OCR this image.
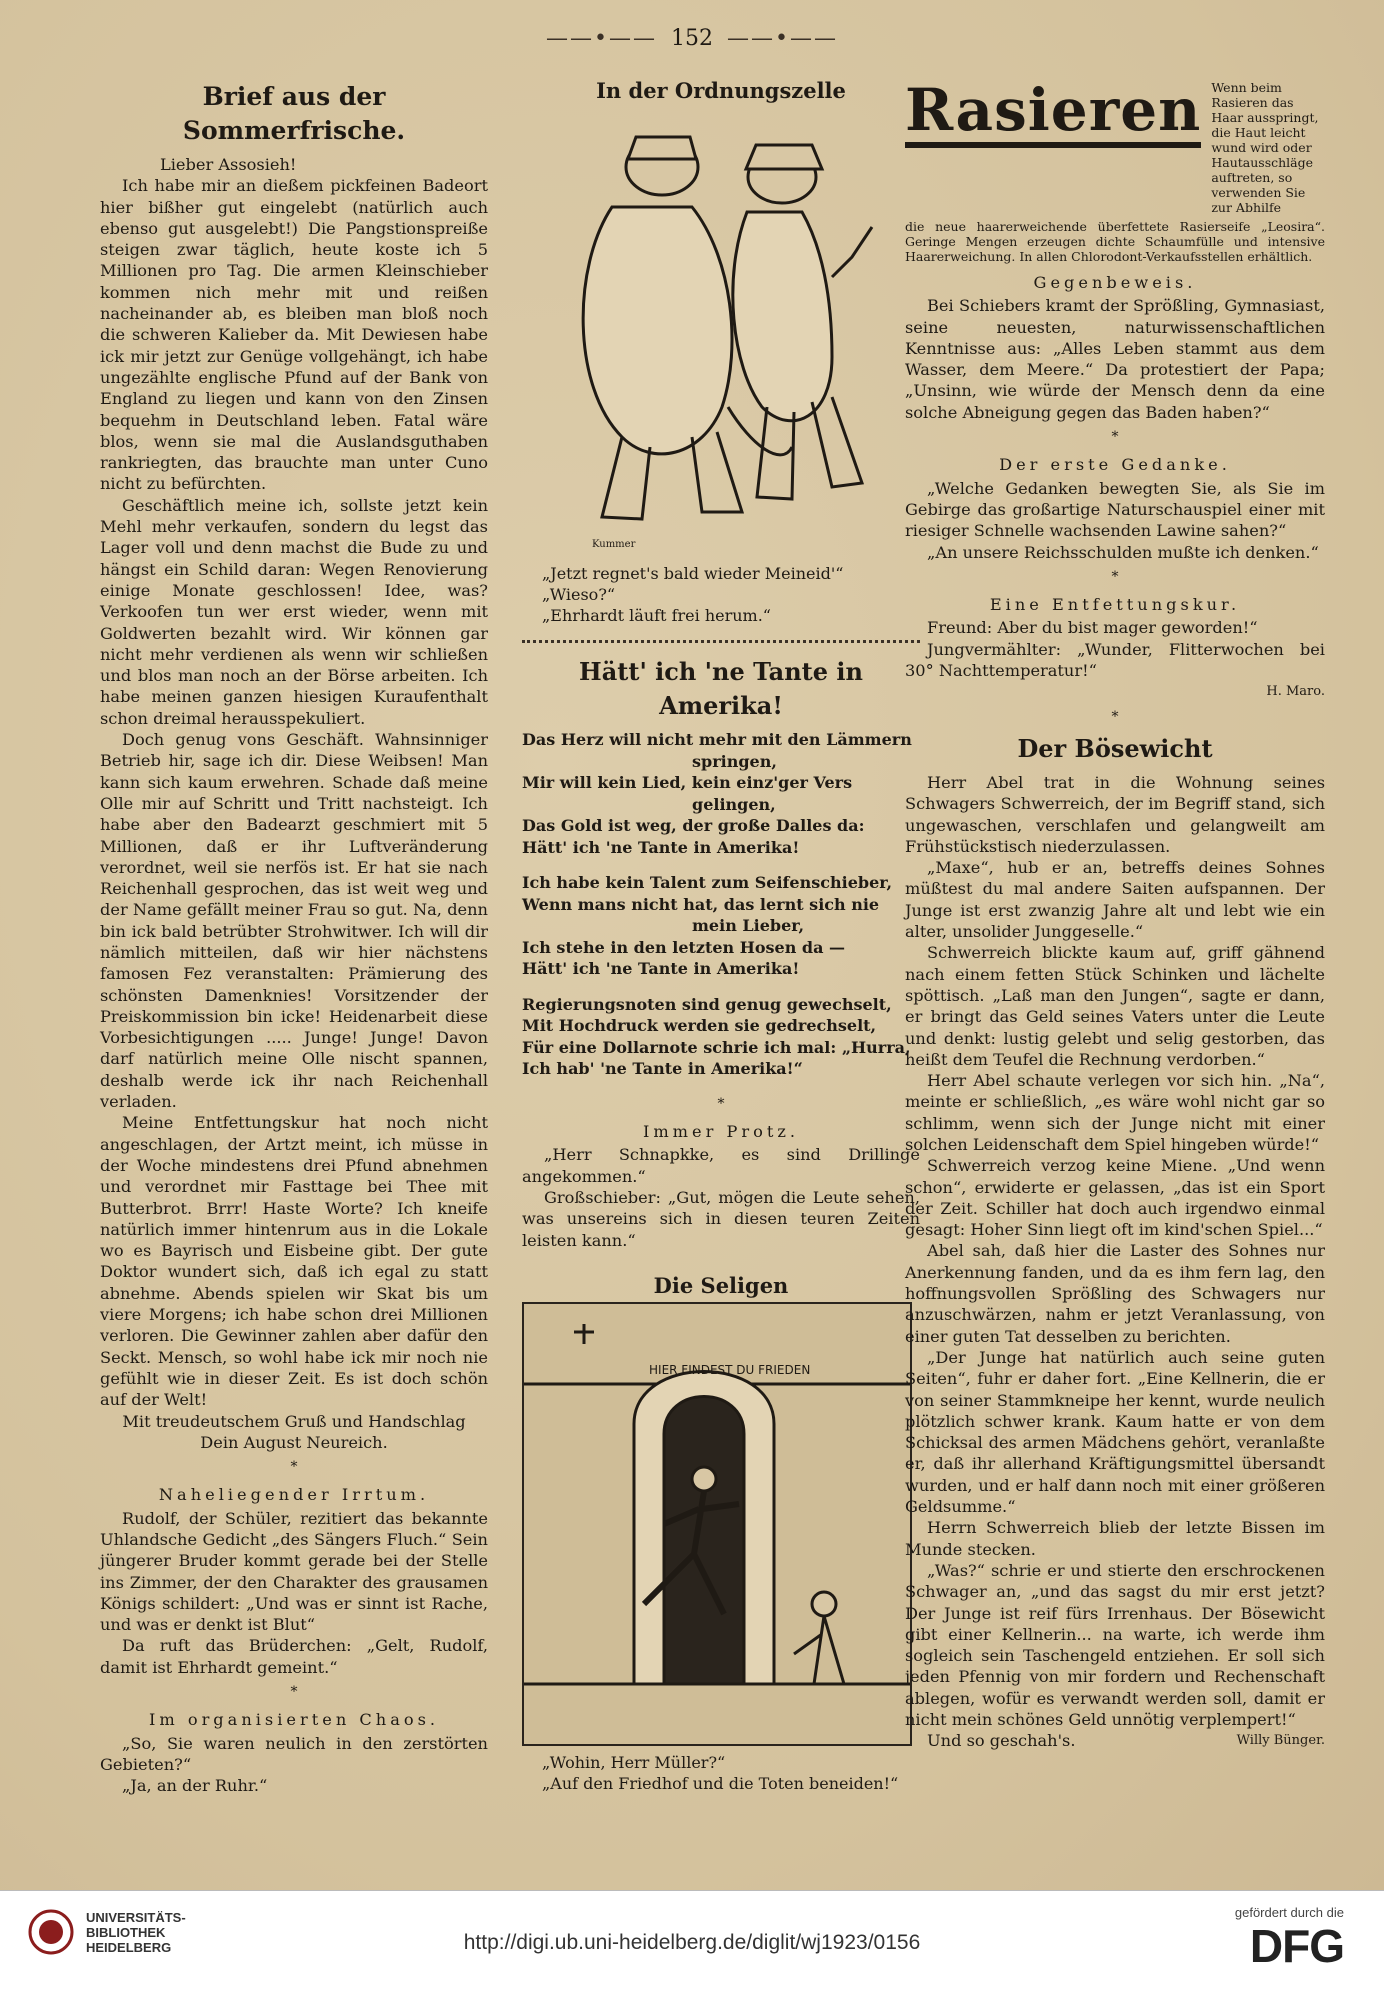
——•—— 152 ——•——
Brief aus der Sommerfrische.

Lieber Assosieh!

Ich habe mir an dießem pickfeinen Badeort hier bißher gut eingelebt (natürlich auch ebenso gut ausgelebt!) Die Pangstionspreiße steigen zwar täglich, heute koste ich 5 Millionen pro Tag. Die armen Kleinschieber kommen nich mehr mit und reißen nacheinander ab, es bleiben man bloß noch die schweren Kalieber da. Mit Dewiesen habe ick mir jetzt zur Genüge vollgehängt, ich habe ungezählte englische Pfund auf der Bank von England zu liegen und kann von den Zinsen bequehm in Deutschland leben. Fatal wäre blos, wenn sie mal die Auslandsguthaben rankriegten, das brauchte man unter Cuno nicht zu befürchten.

Geschäftlich meine ich, sollste jetzt kein Mehl mehr verkaufen, sondern du legst das Lager voll und denn machst die Bude zu und hängst ein Schild daran: Wegen Renovierung einige Monate geschlossen! Idee, was? Verkoofen tun wer erst wieder, wenn mit Goldwerten bezahlt wird. Wir können gar nicht mehr verdienen als wenn wir schließen und blos man noch an der Börse arbeiten. Ich habe meinen ganzen hiesigen Kuraufenthalt schon dreimal herausspekuliert.

Doch genug vons Geschäft. Wahnsinniger Betrieb hir, sage ich dir. Diese Weibsen! Man kann sich kaum erwehren. Schade daß meine Olle mir auf Schritt und Tritt nachsteigt. Ich habe aber den Badearzt geschmiert mit 5 Millionen, daß er ihr Luftveränderung verordnet, weil sie nerfös ist. Er hat sie nach Reichenhall gesprochen, das ist weit weg und der Name gefällt meiner Frau so gut. Na, denn bin ick bald betrübter Strohwitwer. Ich will dir nämlich mitteilen, daß wir hier nächstens famosen Fez veranstalten: Prämierung des schönsten Damenknies! Vorsitzender der Preiskommission bin icke! Heidenarbeit diese Vorbesichtigungen ..... Junge! Junge! Davon darf natürlich meine Olle nischt spannen, deshalb werde ick ihr nach Reichenhall verladen.

Meine Entfettungskur hat noch nicht angeschlagen, der Artzt meint, ich müsse in der Woche mindestens drei Pfund abnehmen und verordnet mir Fasttage bei Thee mit Butterbrot. Brrr! Haste Worte? Ich kneife natürlich immer hintenrum aus in die Lokale wo es Bayrisch und Eisbeine gibt. Der gute Doktor wundert sich, daß ich egal zu statt abnehme. Abends spielen wir Skat bis um viere Morgens; ich habe schon drei Millionen verloren. Die Gewinner zahlen aber dafür den Seckt. Mensch, so wohl habe ick mir noch nie gefühlt wie in dieser Zeit. Es ist doch schön auf der Welt!

Mit treudeutschem Gruß und Handschlag

Dein August Neureich.

*
Naheliegender Irrtum.

Rudolf, der Schüler, rezitiert das bekannte Uhlandsche Gedicht „des Sängers Fluch.“ Sein jüngerer Bruder kommt gerade bei der Stelle ins Zimmer, der den Charakter des grausamen Königs schildert: „Und was er sinnt ist Rache, und was er denkt ist Blut“

Da ruft das Brüderchen: „Gelt, Rudolf, damit ist Ehrhardt gemeint.“

*
Im organisierten Chaos.

„So, Sie waren neulich in den zerstörten Gebieten?“

„Ja, an der Ruhr.“

In der Ordnungszelle
Kummer
„Jetzt regnet's bald wieder Meineid'“
„Wieso?“
„Ehrhardt läuft frei herum.“
Hätt' ich 'ne Tante in Amerika!

Das Herz will nicht mehr mit den Lämmern

springen,

Mir will kein Lied, kein einz'ger Vers

gelingen,

Das Gold ist weg, der große Dalles da:

Hätt' ich 'ne Tante in Amerika!

Ich habe kein Talent zum Seifenschieber,

Wenn mans nicht hat, das lernt sich nie

mein Lieber,

Ich stehe in den letzten Hosen da —

Hätt' ich 'ne Tante in Amerika!

Regierungsnoten sind genug gewechselt,

Mit Hochdruck werden sie gedrechselt,

Für eine Dollarnote schrie ich mal: „Hurra,

Ich hab' 'ne Tante in Amerika!“

*
Immer Protz.

„Herr Schnapkke, es sind Drillinge angekommen.“

Großschieber: „Gut, mögen die Leute sehen, was unsereins sich in diesen teuren Zeiten leisten kann.“

Die Seligen
HIER FINDEST DU FRIEDEN
„Wohin, Herr Müller?“
„Auf den Friedhof und die Toten beneiden!“
Rasieren Wenn beim Rasieren das Haar ausspringt, die Haut leicht wund wird oder Hautausschläge auftreten, so verwenden Sie zur Abhilfe
die neue haarerweichende überfettete Rasierseife „Leosira“. Geringe Mengen erzeugen dichte Schaumfülle und intensive Haarerweichung. In allen Chlorodont-Verkaufsstellen erhältlich.
Gegenbeweis.

Bei Schiebers kramt der Sprößling, Gymnasiast, seine neuesten, naturwissenschaftlichen Kenntnisse aus: „Alles Leben stammt aus dem Wasser, dem Meere.“ Da protestiert der Papa; „Unsinn, wie würde der Mensch denn da eine solche Abneigung gegen das Baden haben?“

*
Der erste Gedanke.

„Welche Gedanken bewegten Sie, als Sie im Gebirge das großartige Naturschauspiel einer mit riesiger Schnelle wachsenden Lawine sahen?“

„An unsere Reichsschulden mußte ich denken.“

*
Eine Entfettungskur.

Freund: Aber du bist mager geworden!“

Jungvermählter: „Wunder, Flitterwochen bei 30° Nachttemperatur!“

H. Maro.
*
Der Bösewicht

Herr Abel trat in die Wohnung seines Schwagers Schwerreich, der im Begriff stand, sich ungewaschen, verschlafen und gelangweilt am Frühstückstisch niederzulassen.

„Maxe“, hub er an, betreffs deines Sohnes müßtest du mal andere Saiten aufspannen. Der Junge ist erst zwanzig Jahre alt und lebt wie ein alter, unsolider Junggeselle.“

Schwerreich blickte kaum auf, griff gähnend nach einem fetten Stück Schinken und lächelte spöttisch. „Laß man den Jungen“, sagte er dann, er bringt das Geld seines Vaters unter die Leute und denkt: lustig gelebt und selig gestorben, das heißt dem Teufel die Rechnung verdorben.“

Herr Abel schaute verlegen vor sich hin. „Na“, meinte er schließlich, „es wäre wohl nicht gar so schlimm, wenn sich der Junge nicht mit einer solchen Leidenschaft dem Spiel hingeben würde!“

Schwerreich verzog keine Miene. „Und wenn schon“, erwiderte er gelassen, „das ist ein Sport der Zeit. Schiller hat doch auch irgendwo einmal gesagt: Hoher Sinn liegt oft im kind'schen Spiel...“

Abel sah, daß hier die Laster des Sohnes nur Anerkennung fanden, und da es ihm fern lag, den hoffnungsvollen Sprößling des Schwagers nur anzuschwärzen, nahm er jetzt Veranlassung, von einer guten Tat desselben zu berichten.

„Der Junge hat natürlich auch seine guten Seiten“, fuhr er daher fort. „Eine Kellnerin, die er von seiner Stammkneipe her kennt, wurde neulich plötzlich schwer krank. Kaum hatte er von dem Schicksal des armen Mädchens gehört, veranlaßte er, daß ihr allerhand Kräftigungsmittel übersandt wurden, und er half dann noch mit einer größeren Geldsumme.“

Herrn Schwerreich blieb der letzte Bissen im Munde stecken.

„Was?“ schrie er und stierte den erschrockenen Schwager an, „und das sagst du mir erst jetzt? Der Junge ist reif fürs Irrenhaus. Der Bösewicht gibt einer Kellnerin... na warte, ich werde ihm sogleich sein Taschengeld entziehen. Er soll sich jeden Pfennig von mir fordern und Rechenschaft ablegen, wofür es verwandt werden soll, damit er nicht mein schönes Geld unnötig verplempert!“

Und so geschah's.	Willy Bünger.
UNIVERSITÄTS-
BIBLIOTHEK
HEIDELBERG	http://digi.ub.uni-heidelberg.de/diglit/wj1923/0156
gefördert durch die
DFG
